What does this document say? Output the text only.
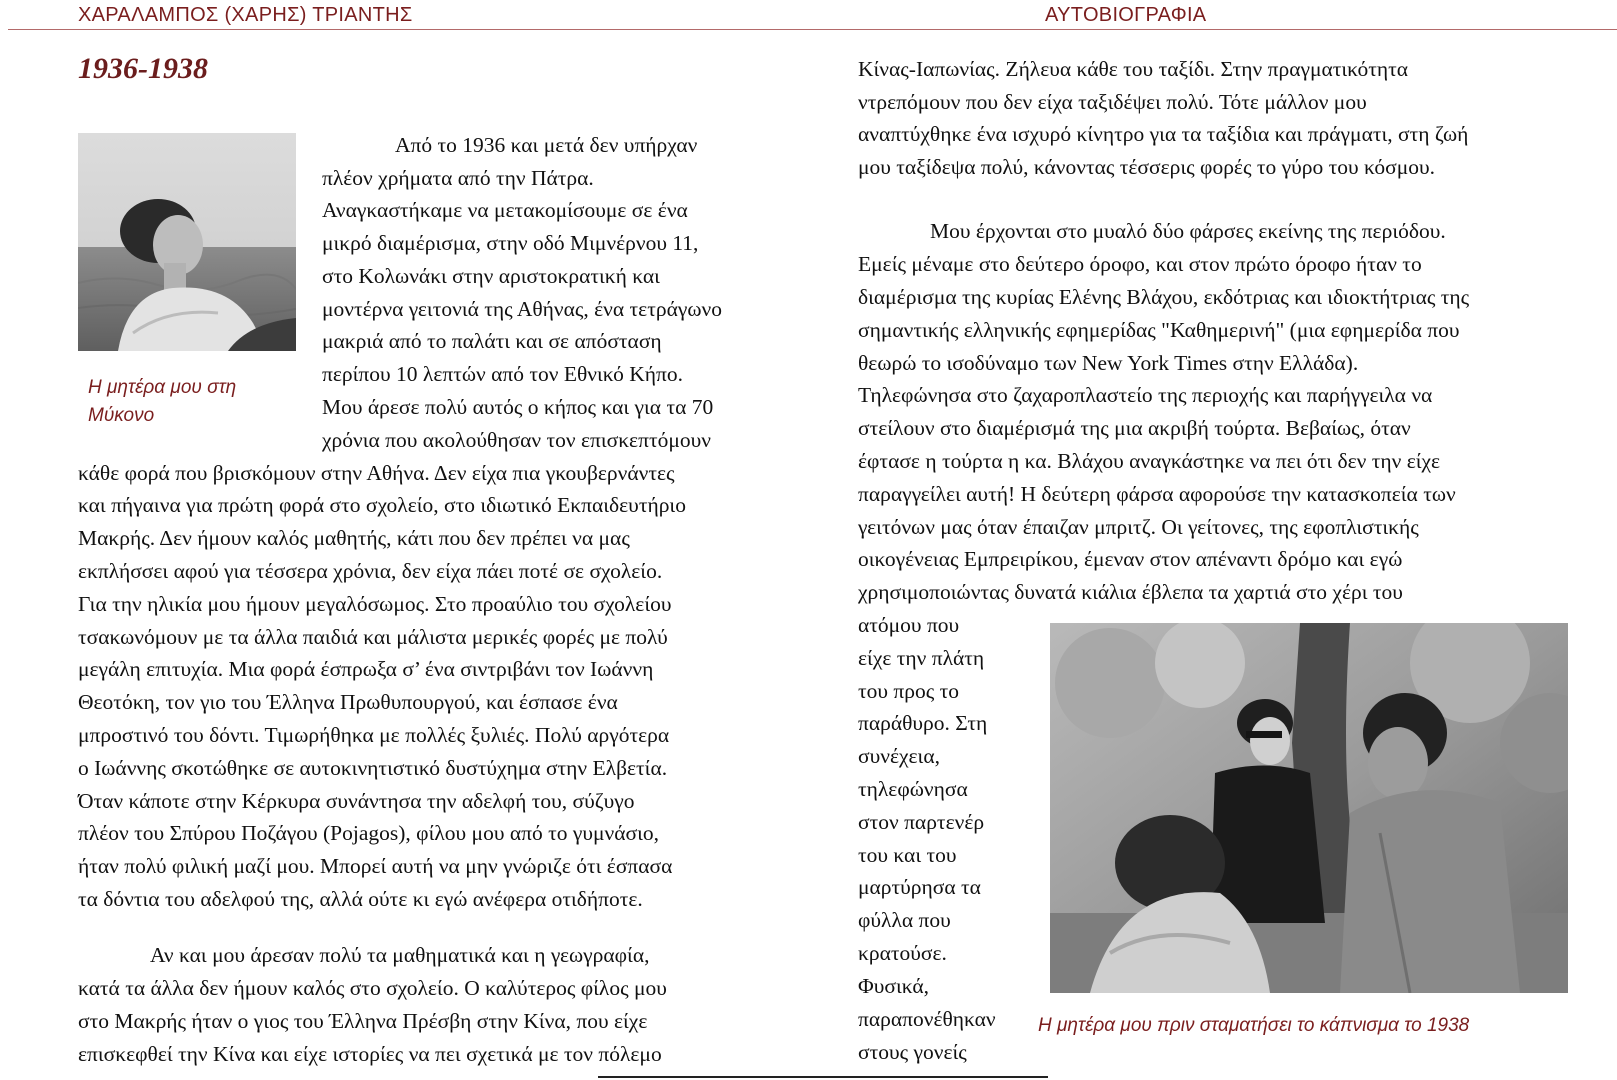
ΧΑΡΑΛΑΜΠΟΣ (ΧΑΡΗΣ) ΤΡΙΑΝΤΗΣ	ΑΥΤΟΒΙΟΓΡΑΦΙΑ
1936-1938
Η μητέρα μου στη
Μύκονο
Από το 1936 και μετά δεν υπήρχαν
πλέον χρήματα από την Πάτρα.
Αναγκαστήκαμε να μετακομίσουμε σε ένα
μικρό διαμέρισμα, στην οδό Μιμνέρνου 11,
στο Κολωνάκι στην αριστοκρατική και
μοντέρνα γειτονιά της Αθήνας, ένα τετράγωνο
μακριά από το παλάτι και σε απόσταση
περίπου 10 λεπτών από τον Εθνικό Κήπο.
Μου άρεσε πολύ αυτός ο κήπος και για τα 70
χρόνια που ακολούθησαν τον επισκεπτόμουν
κάθε φορά που βρισκόμουν στην Αθήνα. Δεν είχα πια γκουβερνάντες
και πήγαινα για πρώτη φορά στο σχολείο, στο ιδιωτικό Εκπαιδευτήριο
Μακρής. Δεν ήμουν καλός μαθητής, κάτι που δεν πρέπει να μας
εκπλήσσει αφού για τέσσερα χρόνια, δεν είχα πάει ποτέ σε σχολείο.
Για την ηλικία μου ήμουν μεγαλόσωμος. Στο προαύλιο του σχολείου
τσακωνόμουν με τα άλλα παιδιά και μάλιστα μερικές φορές με πολύ
μεγάλη επιτυχία. Μια φορά έσπρωξα σ’ ένα σιντριβάνι τον Ιωάννη
Θεοτόκη, τον γιο του Έλληνα Πρωθυπουργού, και έσπασε ένα
μπροστινό του δόντι. Τιμωρήθηκα με πολλές ξυλιές. Πολύ αργότερα
ο Ιωάννης σκοτώθηκε σε αυτοκινητιστικό δυστύχημα στην Ελβετία.
Όταν κάποτε στην Κέρκυρα συνάντησα την αδελφή του, σύζυγο
πλέον του Σπύρου Ποζάγου (Pojagos), φίλου μου από το γυμνάσιο,
ήταν πολύ φιλική μαζί μου. Μπορεί αυτή να μην γνώριζε ότι έσπασα
τα δόντια του αδελφού της, αλλά ούτε κι εγώ ανέφερα οτιδήποτε.
Αν και μου άρεσαν πολύ τα μαθηματικά και η γεωγραφία,
κατά τα άλλα δεν ήμουν καλός στο σχολείο. Ο καλύτερος φίλος μου
στο Μακρής ήταν ο γιος του Έλληνα Πρέσβη στην Κίνα, που είχε
επισκεφθεί την Κίνα και είχε ιστορίες να πει σχετικά με τον πόλεμο
Κίνας-Ιαπωνίας. Ζήλευα κάθε του ταξίδι. Στην πραγματικότητα
ντρεπόμουν που δεν είχα ταξιδέψει πολύ. Τότε μάλλον μου
αναπτύχθηκε ένα ισχυρό κίνητρο για τα ταξίδια και πράγματι, στη ζωή
μου ταξίδεψα πολύ, κάνοντας τέσσερις φορές το γύρο του κόσμου.
Μου έρχονται στο μυαλό δύο φάρσες εκείνης της περιόδου.
Εμείς μέναμε στο δεύτερο όροφο, και στον πρώτο όροφο ήταν το
διαμέρισμα της κυρίας Ελένης Βλάχου, εκδότριας και ιδιοκτήτριας της
σημαντικής ελληνικής εφημερίδας "Καθημερινή" (μια εφημερίδα που
θεωρώ το ισοδύναμο των New York Times στην Ελλάδα).
Τηλεφώνησα στο ζαχαροπλαστείο της περιοχής και παρήγγειλα να
στείλουν στο διαμέρισμά της μια ακριβή τούρτα. Βεβαίως, όταν
έφτασε η τούρτα η κα. Βλάχου αναγκάστηκε να πει ότι δεν την είχε
παραγγείλει αυτή! Η δεύτερη φάρσα αφορούσε την κατασκοπεία των
γειτόνων μας όταν έπαιζαν μπριτζ. Οι γείτονες, της εφοπλιστικής
οικογένειας Εμπρειρίκου, έμεναν στον απέναντι δρόμο και εγώ
χρησιμοποιώντας δυνατά κιάλια έβλεπα τα χαρτιά στο χέρι του
ατόμου που
είχε την πλάτη
του προς το
παράθυρο. Στη
συνέχεια,
τηλεφώνησα
στον παρτενέρ
του και του
μαρτύρησα τα
φύλλα που
κρατούσε.
Φυσικά,
παραπονέθηκαν
στους γονείς
Η μητέρα μου πριν σταματήσει το κάπνισμα το 1938
